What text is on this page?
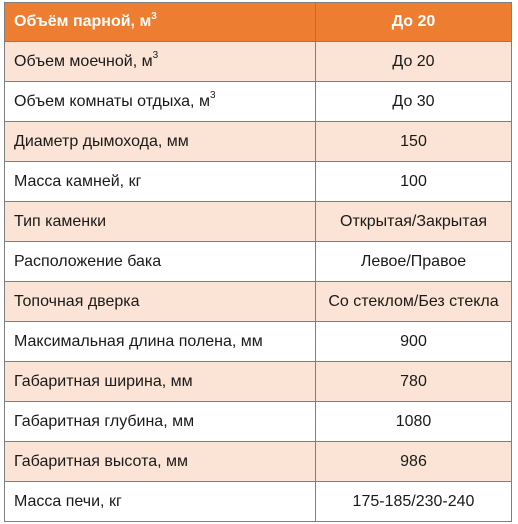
Объём парной, $м^3$	До 20
Объем моечной, $м^3$	До 20
Объем комнаты отдыха, $м^3$	До 30
Диаметр дымохода, мм	150
Масса камней, кг	100
Тип каменки	Открытая/Закрытая
Расположение бака	Левое/Правое
Топочная дверка	Со стеклом/Без стекла
Максимальная длина полена, мм	900
Габаритная ширина, мм	780
Габаритная глубина, мм	1080
Габаритная высота, мм	986
Масса печи, кг	175-185/230-240
